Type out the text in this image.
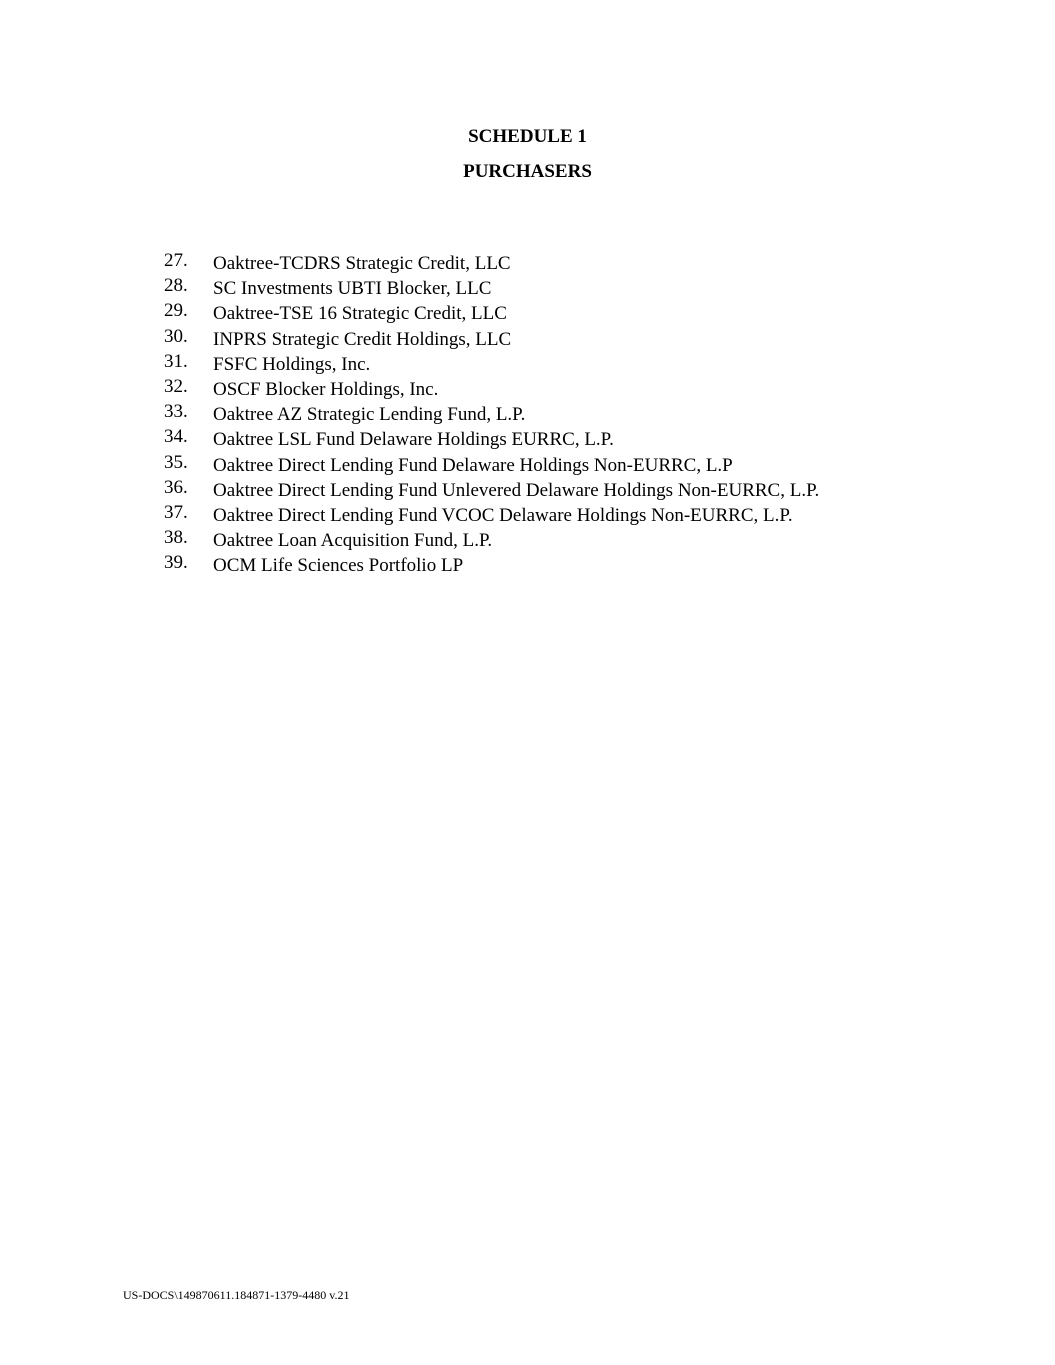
SCHEDULE 1
PURCHASERS
27.	Oaktree-TCDRS Strategic Credit, LLC
28.	SC Investments UBTI Blocker, LLC
29.	Oaktree-TSE 16 Strategic Credit, LLC
30.	INPRS Strategic Credit Holdings, LLC
31.	FSFC Holdings, Inc.
32.	OSCF Blocker Holdings, Inc.
33.	Oaktree AZ Strategic Lending Fund, L.P.
34.	Oaktree LSL Fund Delaware Holdings EURRC, L.P.
35.	Oaktree Direct Lending Fund Delaware Holdings Non-EURRC, L.P
36.	Oaktree Direct Lending Fund Unlevered Delaware Holdings Non-EURRC, L.P.
37.	Oaktree Direct Lending Fund VCOC Delaware Holdings Non-EURRC, L.P.
38.	Oaktree Loan Acquisition Fund, L.P.
39.	OCM Life Sciences Portfolio LP
US-DOCS\149870611.184871-1379-4480 v.21
